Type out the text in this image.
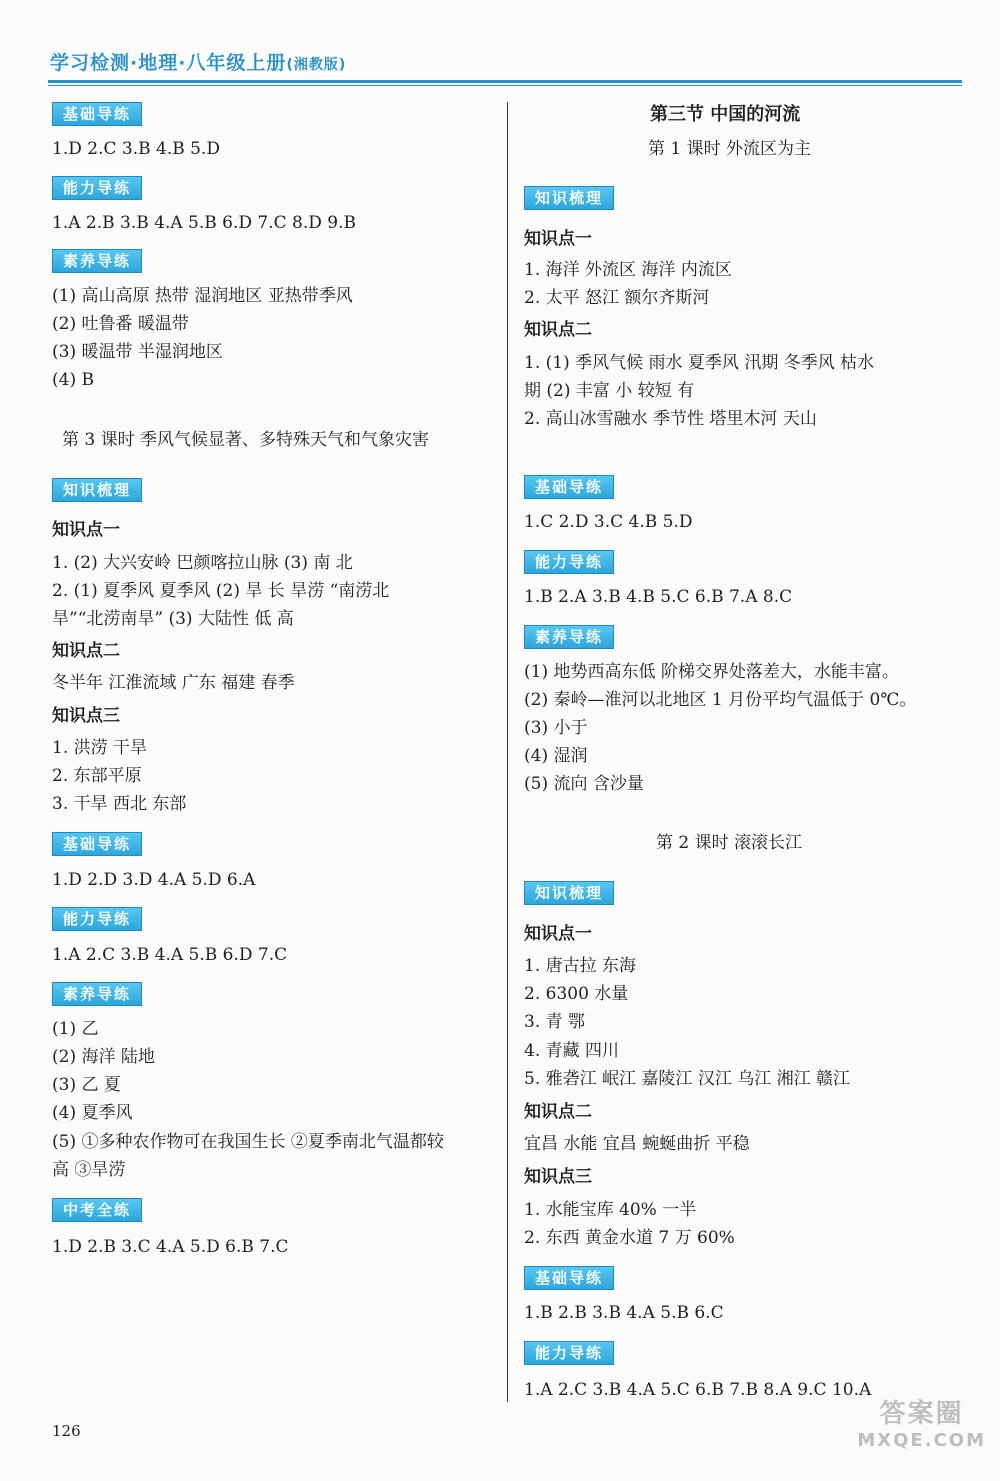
学习检测·地理·八年级上册(湘教版)
基础导练
1.D 2.C 3.B 4.B 5.D
能力导练
1.A 2.B 3.B 4.A 5.B 6.D 7.C 8.D 9.B
素养导练
(1) 高山高原 热带 湿润地区 亚热带季风
(2) 吐鲁番 暖温带
(3) 暖温带 半湿润地区
(4) B
第 3 课时 季风气候显著、多特殊天气和气象灾害
知识梳理
知识点一
1. (2) 大兴安岭 巴颜喀拉山脉 (3) 南 北
2. (1) 夏季风 夏季风 (2) 旱 长 旱涝 “南涝北
旱”“北涝南旱” (3) 大陆性 低 高
知识点二
冬半年 江淮流域 广东 福建 春季
知识点三
1. 洪涝 干旱
2. 东部平原
3. 干旱 西北 东部
基础导练
1.D 2.D 3.D 4.A 5.D 6.A
能力导练
1.A 2.C 3.B 4.A 5.B 6.D 7.C
素养导练
(1) 乙
(2) 海洋 陆地
(3) 乙 夏
(4) 夏季风
(5) ①多种农作物可在我国生长 ②夏季南北气温都较
高 ③旱涝
中考全练
1.D 2.B 3.C 4.A 5.D 6.B 7.C
第三节 中国的河流
第 1 课时 外流区为主
知识梳理
知识点一
1. 海洋 外流区 海洋 内流区
2. 太平 怒江 额尔齐斯河
知识点二
1. (1) 季风气候 雨水 夏季风 汛期 冬季风 枯水
期 (2) 丰富 小 较短 有
2. 高山冰雪融水 季节性 塔里木河 天山
基础导练
1.C 2.D 3.C 4.B 5.D
能力导练
1.B 2.A 3.B 4.B 5.C 6.B 7.A 8.C
素养导练
(1) 地势西高东低 阶梯交界处落差大，水能丰富。
(2) 秦岭—淮河以北地区 1 月份平均气温低于 0℃。
(3) 小于
(4) 湿润
(5) 流向 含沙量
第 2 课时 滚滚长江
知识梳理
知识点一
1. 唐古拉 东海
2. 6300 水量
3. 青 鄂
4. 青藏 四川
5. 雅砻江 岷江 嘉陵江 汉江 乌江 湘江 赣江
知识点二
宜昌 水能 宜昌 蜿蜒曲折 平稳
知识点三
1. 水能宝库 40% 一半
2. 东西 黄金水道 7 万 60%
基础导练
1.B 2.B 3.B 4.A 5.B 6.C
能力导练
1.A 2.C 3.B 4.A 5.C 6.B 7.B 8.A 9.C 10.A
126
答案圈
MXQE.COM
